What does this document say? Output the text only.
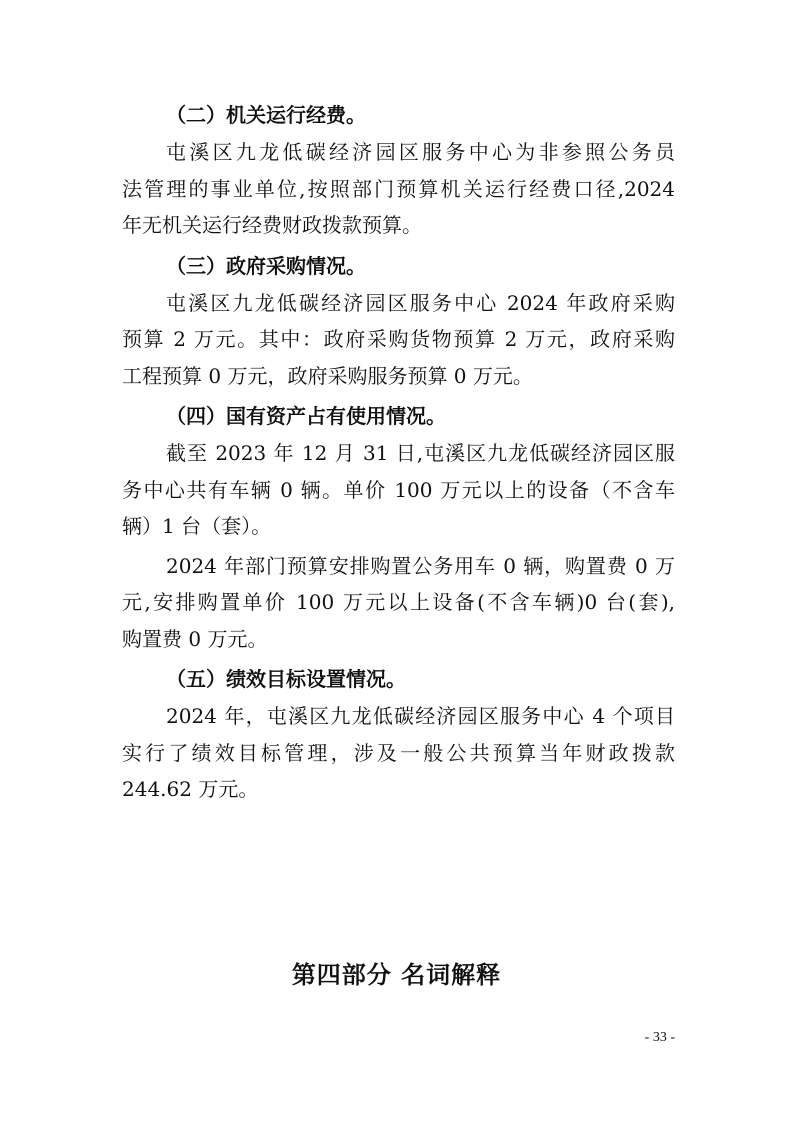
（二）机关运行经费。

屯溪区九龙低碳经济园区服务中心为非参照公务员
法管理的事业单位,按照部门预算机关运行经费口径,2024
年无机关运行经费财政拨款预算。

（三）政府采购情况。

屯溪区九龙低碳经济园区服务中心 2024 年政府采购
预算 2 万元。其中：政府采购货物预算 2 万元，政府采购
工程预算 0 万元，政府采购服务预算 0 万元。

（四）国有资产占有使用情况。

截至 2023 年 12 月 31 日,屯溪区九龙低碳经济园区服
务中心共有车辆 0 辆。单价 100 万元以上的设备（不含车
辆）1 台（套）。

2024 年部门预算安排购置公务用车 0 辆，购置费 0 万
元,安排购置单价 100 万元以上设备(不含车辆)0 台(套),
购置费 0 万元。

（五）绩效目标设置情况。

2024 年，屯溪区九龙低碳经济园区服务中心 4 个项目
实行了绩效目标管理，涉及一般公共预算当年财政拨款
244.62 万元。

第四部分 名词解释
- 33 -
